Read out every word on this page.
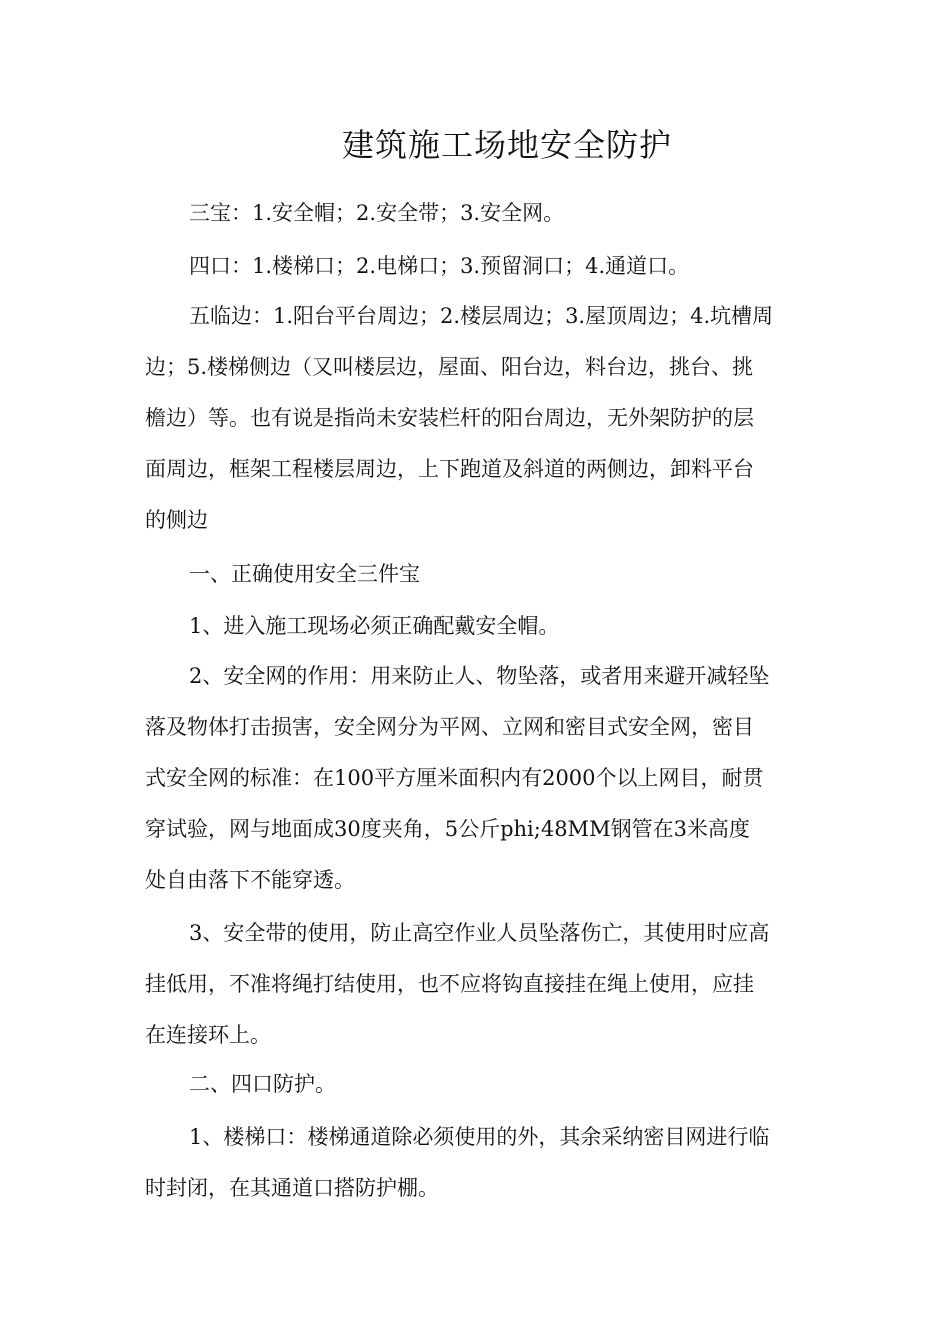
建筑施工场地安全防护

三宝：1.安全帽；2.安全带；3.安全网。

四口：1.楼梯口；2.电梯口；3.预留洞口；4.通道口。

五临边：1.阳台平台周边；2.楼层周边；3.屋顶周边；4.坑槽周
边；5.楼梯侧边（又叫楼层边，屋面、阳台边，料台边，挑台、挑
檐边）等。也有说是指尚未安装栏杆的阳台周边，无外架防护的层
面周边，框架工程楼层周边，上下跑道及斜道的两侧边，卸料平台
的侧边

一、正确使用安全三件宝

1、进入施工现场必须正确配戴安全帽。

2、安全网的作用：用来防止人、物坠落，或者用来避开减轻坠
落及物体打击损害，安全网分为平网、立网和密目式安全网，密目
式安全网的标准：在100平方厘米面积内有2000个以上网目，耐贯
穿试验，网与地面成30度夹角，5公斤phi;48MM钢管在3米高度
处自由落下不能穿透。

3、安全带的使用，防止高空作业人员坠落伤亡，其使用时应高
挂低用，不准将绳打结使用，也不应将钩直接挂在绳上使用，应挂
在连接环上。

二、四口防护。

1、楼梯口：楼梯通道除必须使用的外，其余采纳密目网进行临
时封闭，在其通道口搭防护棚。
